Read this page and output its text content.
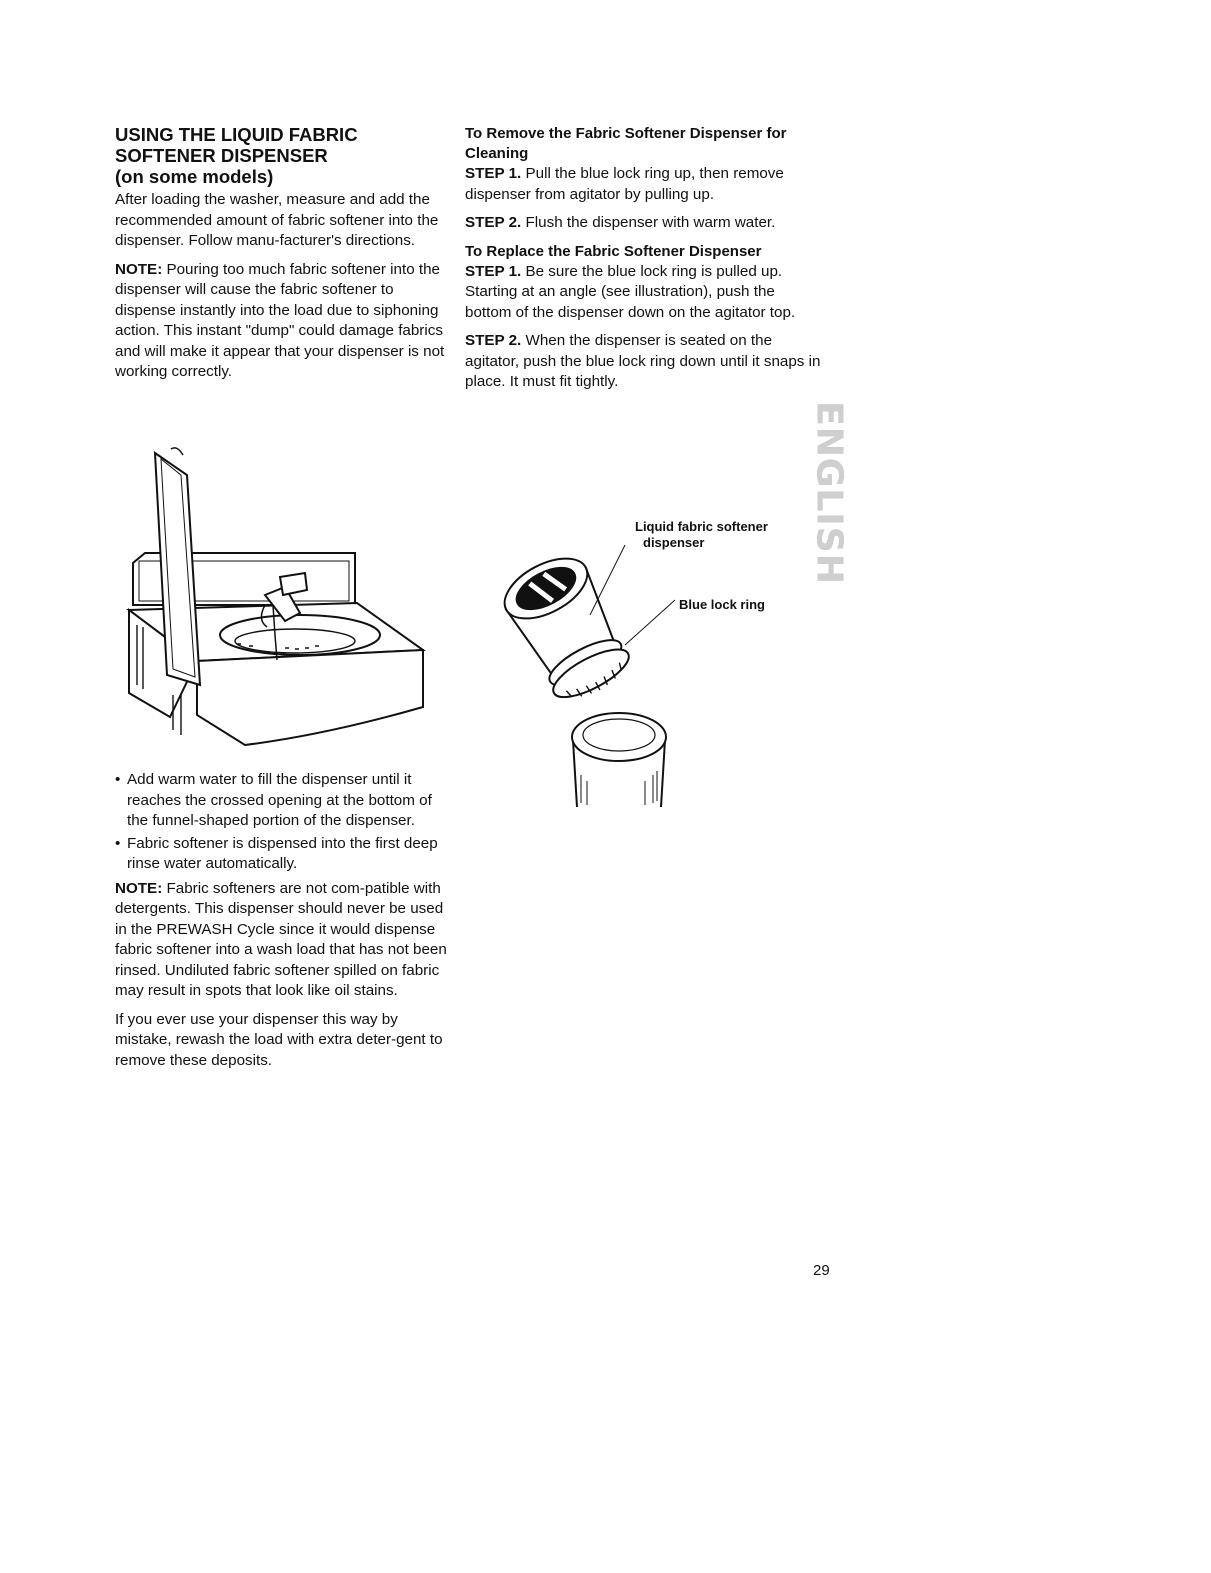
USING THE LIQUID FABRIC
SOFTENER DISPENSER
(on some models)

After loading the washer, measure and add the recommended amount of fabric softener into the dispenser. Follow manu-facturer's directions.

NOTE: Pouring too much fabric softener into the dispenser will cause the fabric softener to dispense instantly into the load due to siphoning action. This instant "dump" could damage fabrics and will make it appear that your dispenser is not working correctly.

• Add warm water to fill the dispenser until it reaches the crossed opening at the bottom of the funnel-shaped portion of the dispenser.
• Fabric softener is dispensed into the first deep rinse water automatically.

NOTE: Fabric softeners are not com-patible with detergents. This dispenser should never be used in the PREWASH Cycle since it would dispense fabric softener into a wash load that has not been rinsed. Undiluted fabric softener spilled on fabric may result in spots that look like oil stains.

If you ever use your dispenser this way by mistake, rewash the load with extra deter-gent to remove these deposits.

To Remove the Fabric Softener Dispenser for Cleaning

STEP 1. Pull the blue lock ring up, then remove dispenser from agitator by pulling up.

STEP 2. Flush the dispenser with warm water.

To Replace the Fabric Softener Dispenser

STEP 1. Be sure the blue lock ring is pulled up. Starting at an angle (see illustration), push the bottom of the dispenser down on the agitator top.

STEP 2. When the dispenser is seated on the agitator, push the blue lock ring down until it snaps in place. It must fit tightly.

Liquid fabric softener
dispenser
Blue lock ring
ENGLISH
29
